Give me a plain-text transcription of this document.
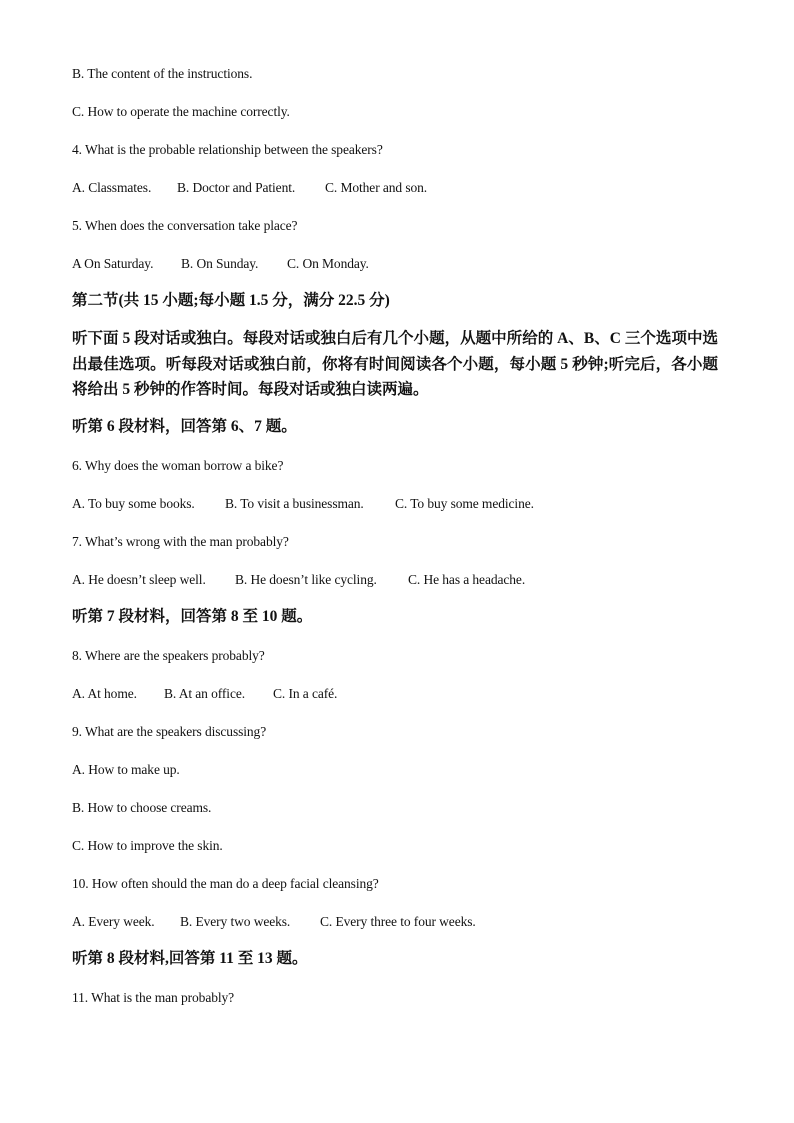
B. The content of the instructions.
C. How to operate the machine correctly.
4. What is the probable relationship between the speakers?
A. Classmates. B. Doctor and Patient. C. Mother and son.
5. When does the conversation take place?
A On Saturday. B. On Sunday. C. On Monday.
第二节(共 15 小题;每小题 1.5 分，满分 22.5 分)
听下面 5 段对话或独白。每段对话或独白后有几个小题，从题中所给的 A、B、C 三个选项中选出最佳选项。听每段对话或独白前，你将有时间阅读各个小题，每小题 5 秒钟;听完后，各小题将给出 5 秒钟的作答时间。每段对话或独白读两遍。
听第 6 段材料，回答第 6、7 题。
6. Why does the woman borrow a bike?
A. To buy some books. B. To visit a businessman. C. To buy some medicine.
7. What’s wrong with the man probably?
A. He doesn’t sleep well. B. He doesn’t like cycling. C. He has a headache.
听第 7 段材料，回答第 8 至 10 题。
8. Where are the speakers probably?
A. At home. B. At an office. C. In a café.
9. What are the speakers discussing?
A. How to make up.
B. How to choose creams.
C. How to improve the skin.
10. How often should the man do a deep facial cleansing?
A. Every week. B. Every two weeks. C. Every three to four weeks.
听第 8 段材料,回答第 11 至 13 题。
11. What is the man probably?
